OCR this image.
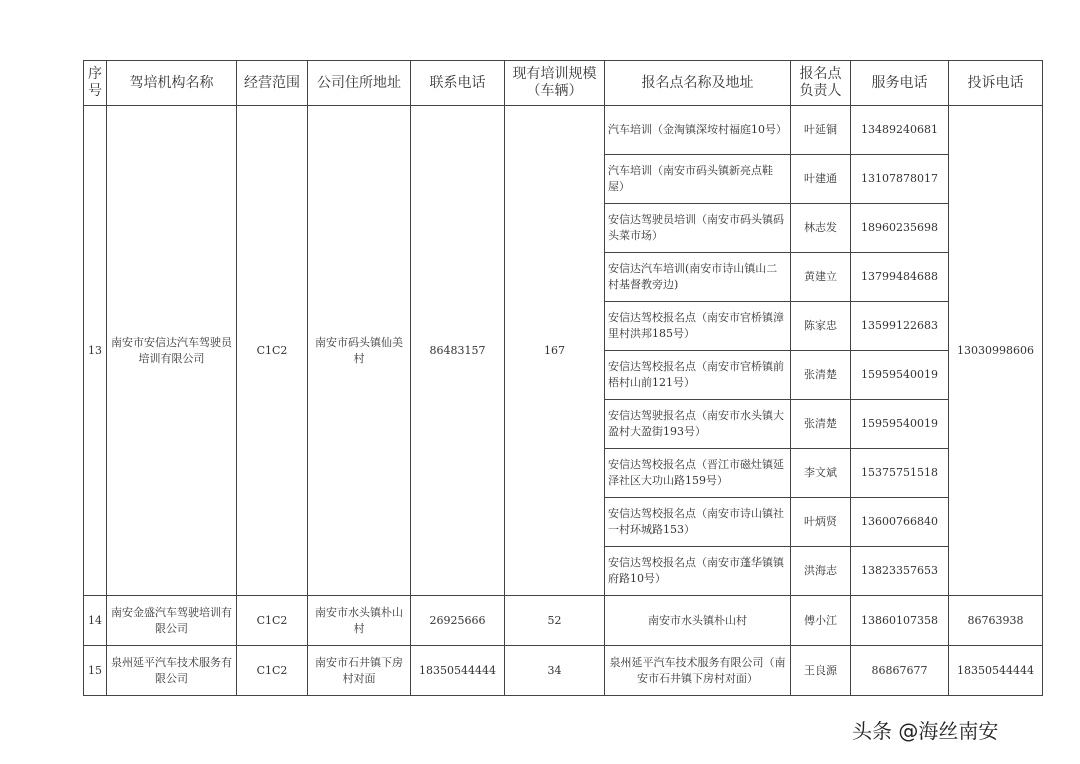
序号	驾培机构名称	经营范围	公司住所地址	联系电话	现有培训规模（车辆）	报名点名称及地址	报名点负责人	服务电话	投诉电话
13	南安市安信达汽车驾驶员培训有限公司	C1C2	南安市码头镇仙美村	86483157	167	汽车培训（金淘镇深垵村福庭10号）	叶延铜	13489240681	13030998606
						汽车培训（南安市码头镇新亮点鞋屋）	叶建通	13107878017	
						安信达驾驶员培训（南安市码头镇码头菜市场）	林志发	18960235698	
						安信达汽车培训(南安市诗山镇山二村基督教旁边)	黄建立	13799484688	
						安信达驾校报名点（南安市官桥镇漳里村洪邦185号）	陈家忠	13599122683	
						安信达驾校报名点（南安市官桥镇前梧村山前121号）	张清楚	15959540019	
						安信达驾驶报名点（南安市水头镇大盈村大盈街193号）	张清楚	15959540019	
						安信达驾校报名点（晋江市磁灶镇延泽社区大功山路159号）	李文斌	15375751518	
						安信达驾校报名点（南安市诗山镇社一村环城路153）	叶炳贤	13600766840	
						安信达驾校报名点（南安市蓬华镇镇府路10号）	洪海志	13823357653	
14	南安金盛汽车驾驶培训有限公司	C1C2	南安市水头镇朴山村	26925666	52	南安市水头镇朴山村	傅小江	13860107358	86763938
15	泉州延平汽车技术服务有限公司	C1C2	南安市石井镇下房村对面	18350544444	34	泉州延平汽车技术服务有限公司（南安市石井镇下房村对面）	王良源	86867677	18350544444
头条 @海丝南安
